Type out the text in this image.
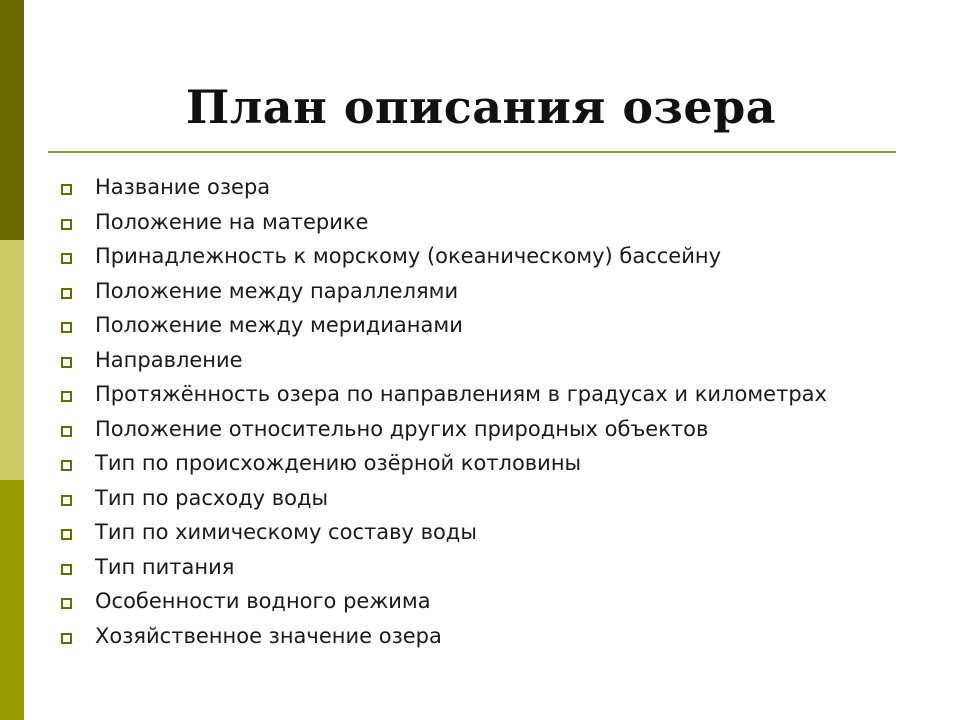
План описания озера
Название озера
Положение на материке
Принадлежность к морскому (океаническому) бассейну
Положение между параллелями
Положение между меридианами
Направление
Протяжённость озера по направлениям в градусах и километрах
Положение относительно других природных объектов
Тип по происхождению озёрной котловины
Тип по расходу воды
Тип по химическому составу воды
Тип питания
Особенности водного режима
Хозяйственное значение озера
